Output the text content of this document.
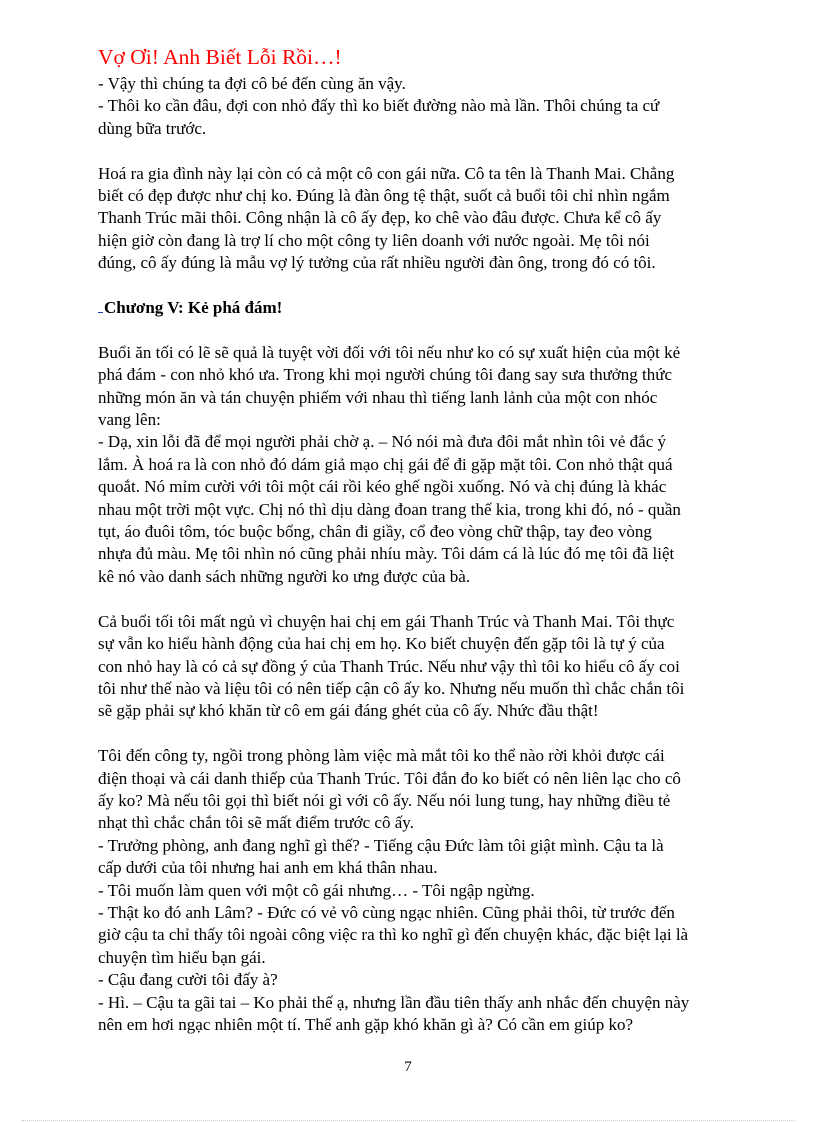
Vợ Ơi! Anh Biết Lỗi Rồi…!

- Vậy thì chúng ta đợi cô bé đến cùng ăn vậy.

- Thôi ko cần đâu, đợi con nhỏ đấy thì ko biết đường nào mà lần. Thôi chúng ta cứ

dùng bữa trước.

Hoá ra gia đình này lại còn có cả một cô con gái nữa. Cô ta tên là Thanh Mai. Chẳng

biết có đẹp được như chị ko. Đúng là đàn ông tệ thật, suốt cả buổi tôi chỉ nhìn ngắm

Thanh Trúc mãi thôi. Công nhận là cô ấy đẹp, ko chê vào đâu được. Chưa kể cô ấy

hiện giờ còn đang là trợ lí cho một công ty liên doanh với nước ngoài. Mẹ tôi nói

đúng, cô ấy đúng là mẫu vợ lý tưởng của rất nhiều người đàn ông, trong đó có tôi.

Chương V: Kẻ phá đám!

Buổi ăn tối có lẽ sẽ quả là tuyệt vời đối với tôi nếu như ko có sự xuất hiện của một kẻ

phá đám - con nhỏ khó ưa. Trong khi mọi người chúng tôi đang say sưa thưởng thức

những món ăn và tán chuyện phiếm với nhau thì tiếng lanh lảnh của một con nhóc

vang lên:

- Dạ, xin lỗi đã để mọi người phải chờ ạ. – Nó nói mà đưa đôi mắt nhìn tôi vẻ đắc ý

lắm. À hoá ra là con nhỏ đó dám giả mạo chị gái để đi gặp mặt tôi. Con nhỏ thật quá

quoắt. Nó mỉm cười với tôi một cái rồi kéo ghế ngồi xuống. Nó và chị đúng là khác

nhau một trời một vực. Chị nó thì dịu dàng đoan trang thế kia, trong khi đó, nó - quần

tụt, áo đuôi tôm, tóc buộc bổng, chân đi giầy, cổ đeo vòng chữ thập, tay đeo vòng

nhựa đủ màu. Mẹ tôi nhìn nó cũng phải nhíu mày. Tôi dám cá là lúc đó mẹ tôi đã liệt

kê nó vào danh sách những người ko ưng được của bà.

Cả buổi tối tôi mất ngủ vì chuyện hai chị em gái Thanh Trúc và Thanh Mai. Tôi thực

sự vẫn ko hiểu hành động của hai chị em họ. Ko biết chuyện đến gặp tôi là tự ý của

con nhỏ hay là có cả sự đồng ý của Thanh Trúc. Nếu như vậy thì tôi ko hiểu cô ấy coi

tôi như thế nào và liệu tôi có nên tiếp cận cô ấy ko. Nhưng nếu muốn thì chắc chắn tôi

sẽ gặp phải sự khó khăn từ cô em gái đáng ghét của cô ấy. Nhức đầu thật!

Tôi đến công ty, ngồi trong phòng làm việc mà mắt tôi ko thể nào rời khỏi được cái

điện thoại và cái danh thiếp của Thanh Trúc. Tôi đắn đo ko biết có nên liên lạc cho cô

ấy ko? Mà nếu tôi gọi thì biết nói gì với cô ấy. Nếu nói lung tung, hay những điều tẻ

nhạt thì chắc chắn tôi sẽ mất điểm trước cô ấy.

- Trưởng phòng, anh đang nghĩ gì thế? - Tiếng cậu Đức làm tôi giật mình. Cậu ta là

cấp dưới của tôi nhưng hai anh em khá thân nhau.

- Tôi muốn làm quen với một cô gái nhưng… - Tôi ngập ngừng.

- Thật ko đó anh Lâm? - Đức có vẻ vô cùng ngạc nhiên. Cũng phải thôi, từ trước đến

giờ cậu ta chỉ thấy tôi ngoài công việc ra thì ko nghĩ gì đến chuyện khác, đặc biệt lại là

chuyện tìm hiểu bạn gái.

- Cậu đang cười tôi đấy à?

- Hì. – Cậu ta gãi tai – Ko phải thế ạ, nhưng lần đầu tiên thấy anh nhắc đến chuyện này

nên em hơi ngạc nhiên một tí. Thế anh gặp khó khăn gì à? Có cần em giúp ko?

7
